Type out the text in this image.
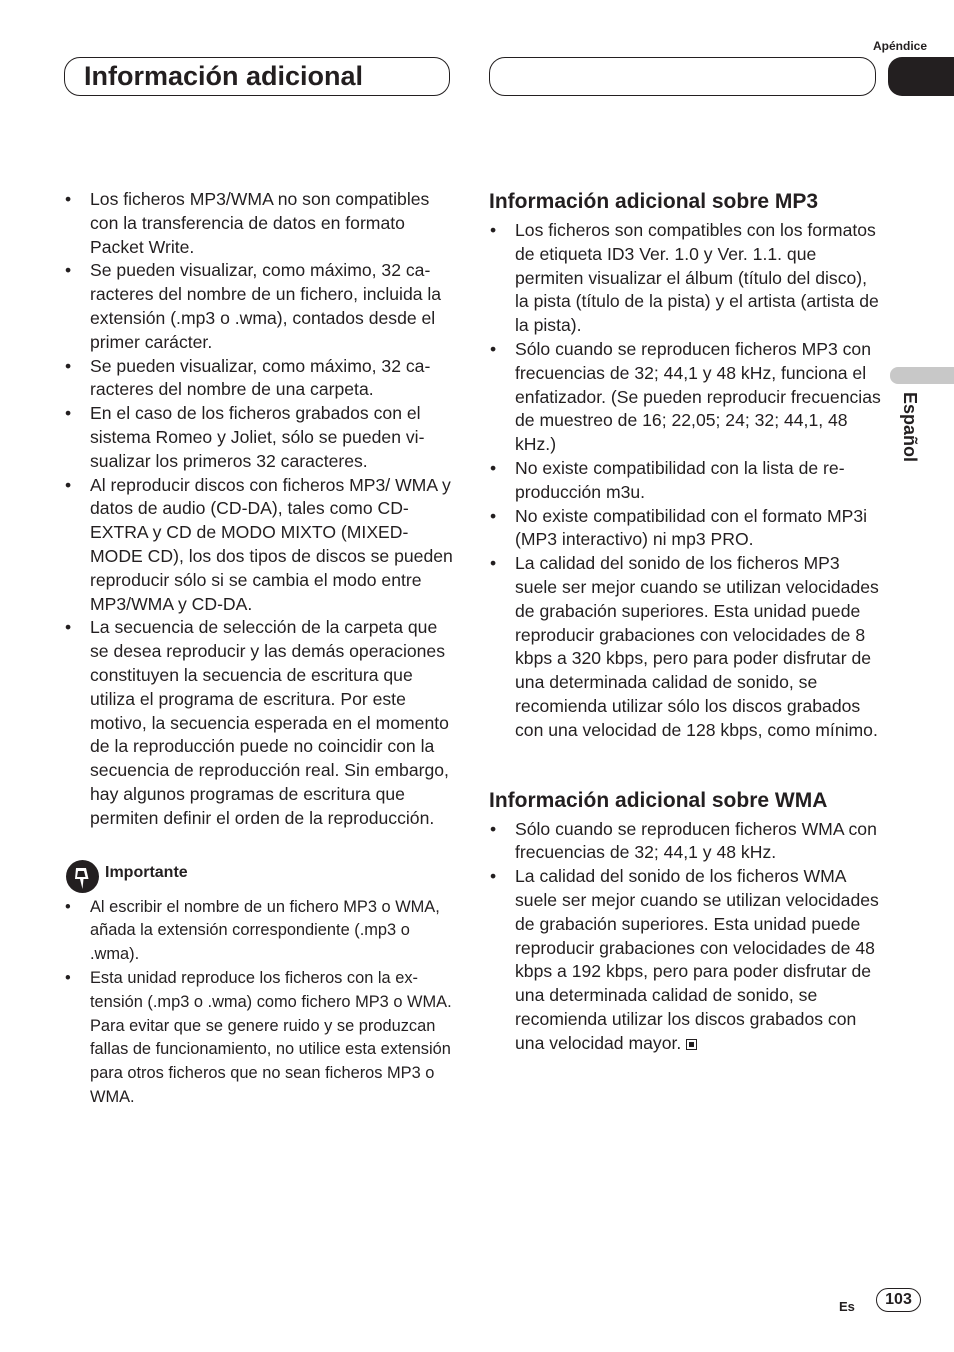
Apéndice
Información adicional
Español
• Los ficheros MP3/WMA no son compatibles con la transferencia de datos en formato Packet Write.
• Se pueden visualizar, como máximo, 32 caracteres del nombre de un fichero, incluida la extensión (.mp3 o .wma), contados desde el primer carácter.
• Se pueden visualizar, como máximo, 32 caracteres del nombre de una carpeta.
• En el caso de los ficheros grabados con el sistema Romeo y Joliet, sólo se pueden visualizar los primeros 32 caracteres.
• Al reproducir discos con ficheros MP3/ WMA y datos de audio (CD-DA), tales como CD-EXTRA y CD de MODO MIXTO (MIXED-MODE CD), los dos tipos de discos se pueden reproducir sólo si se cambia el modo entre MP3/WMA y CD-DA.
• La secuencia de selección de la carpeta que se desea reproducir y las demás operaciones constituyen la secuencia de escritura que utiliza el programa de escritura. Por este motivo, la secuencia esperada en el momento de la reproducción puede no coincidir con la secuencia de reproducción real. Sin embargo, hay algunos programas de escritura que permiten definir el orden de la reproducción.
Importante
• Al escribir el nombre de un fichero MP3 o WMA, añada la extensión correspondiente (.mp3 o .wma).
• Esta unidad reproduce los ficheros con la extensión (.mp3 o .wma) como fichero MP3 o WMA. Para evitar que se genere ruido y se produzcan fallas de funcionamiento, no utilice esta extensión para otros ficheros que no sean ficheros MP3 o WMA.
Información adicional sobre MP3
• Los ficheros son compatibles con los formatos de etiqueta ID3 Ver. 1.0 y Ver. 1.1. que permiten visualizar el álbum (título del disco), la pista (título de la pista) y el artista (artista de la pista).
• Sólo cuando se reproducen ficheros MP3 con frecuencias de 32; 44,1 y 48 kHz, funciona el enfatizador. (Se pueden reproducir frecuencias de muestreo de 16; 22,05; 24; 32; 44,1, 48 kHz.)
• No existe compatibilidad con la lista de reproducción m3u.
• No existe compatibilidad con el formato MP3i (MP3 interactivo) ni mp3 PRO.
• La calidad del sonido de los ficheros MP3 suele ser mejor cuando se utilizan velocidades de grabación superiores. Esta unidad puede reproducir grabaciones con velocidades de 8 kbps a 320 kbps, pero para poder disfrutar de una determinada calidad de sonido, se recomienda utilizar sólo los discos grabados con una velocidad de 128 kbps, como mínimo.
Información adicional sobre WMA
• Sólo cuando se reproducen ficheros WMA con frecuencias de 32; 44,1 y 48 kHz.
• La calidad del sonido de los ficheros WMA suele ser mejor cuando se utilizan velocidades de grabación superiores. Esta unidad puede reproducir grabaciones con velocidades de 48 kbps a 192 kbps, pero para poder disfrutar de una determinada calidad de sonido, se recomienda utilizar los discos grabados con una velocidad mayor.
Es	103
